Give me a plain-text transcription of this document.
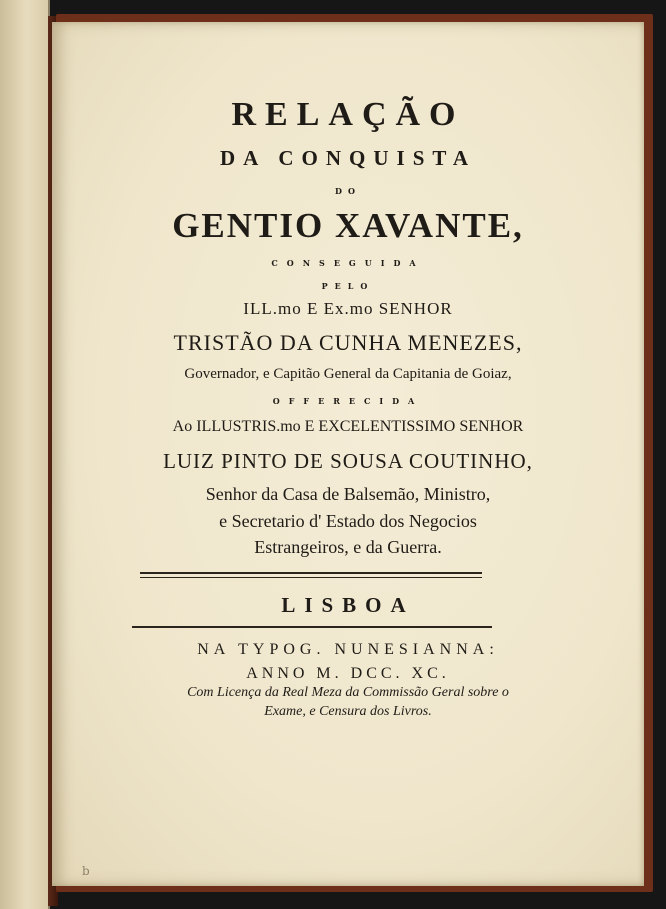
RELAÇÃO
DA CONQUISTA
DO
GENTIO XAVANTE,
CONSEGUIDA
PELO
ILL.mo E Ex.mo SENHOR
TRISTÃO DA CUNHA MENEZES,
Governador, e Capitão General da Capitania de Goiaz,
OFFERECIDA
Ao ILLUSTRIS.mo E EXCELENTISSIMO SENHOR
LUIZ PINTO DE SOUSA COUTINHO,
Senhor da Casa de Balsemão, Ministro,
e Secretario d' Estado dos Negocios
Estrangeiros, e da Guerra.
LISBOA
NA TYPOG. NUNESIANNA:
ANNO M. DCC. XC.
Com Licença da Real Meza da Commissão Geral sobre o
Exame, e Censura dos Livros.
b
